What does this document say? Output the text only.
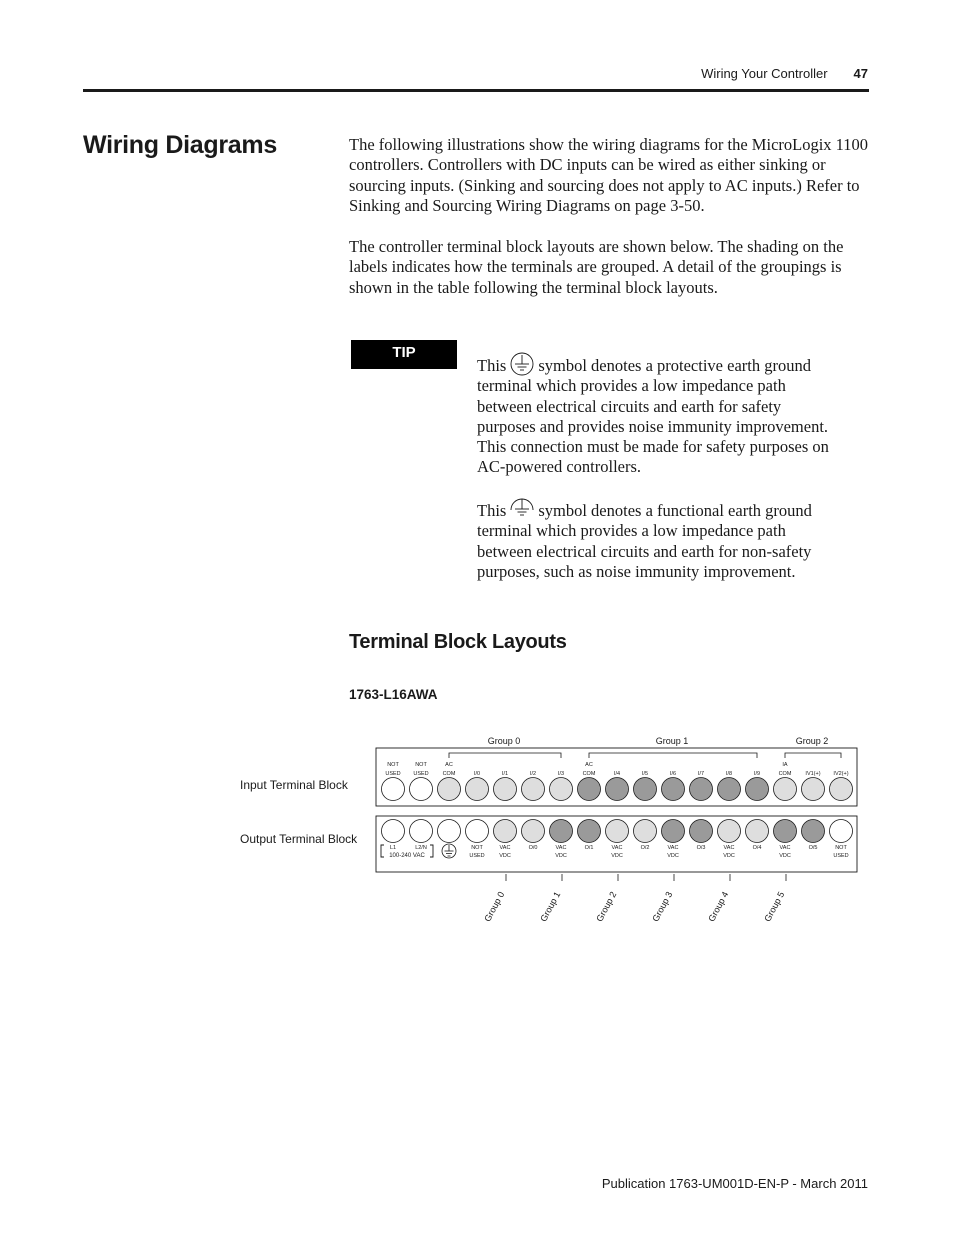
Wiring Your Controller 47
Wiring Diagrams	The following illustrations show the wiring diagrams for the MicroLogix 1100 controllers. Controllers with DC inputs can be wired as either sinking or sourcing inputs. (Sinking and sourcing does not apply to AC inputs.) Refer to Sinking and Sourcing Wiring Diagrams on page 3-50.

The controller terminal block layouts are shown below. The shading on the labels indicates how the terminals are grouped. A detail of the groupings is shown in the table following the terminal block layouts.

TIP

This symbol denotes a protective earth ground terminal which provides a low impedance path between electrical circuits and earth for safety purposes and provides noise immunity improvement. This connection must be made for safety purposes on AC-powered controllers.

This symbol denotes a functional earth ground terminal which provides a low impedance path between electrical circuits and earth for non-safety purposes, such as noise immunity improvement.

Terminal Block Layouts
1763-L16AWA
Input Terminal Block
Output Terminal Block
Group 0	Group 1	Group 2
NOT
USED
NOT
USED
AC
COM	I/0	I/1	I/2	I/3
AC
COM	I/4	I/5	I/6	I/7	I/8	I/9
IA
COM	IV1(+) IV2(+)
L1	L2/N	NOT
USED
VAC
VDC
O/0	VAC
VDC
O/1	VAC
VDC
O/2	VAC
VDC
O/3	VAC
VDC
O/4	VAC
VDC
O/5	NOT
USED
100-240 VAC
Group 0	Group 1	Group 2	Group 3	Group 4	Group 5
Publication 1763-UM001D-EN-P - March 2011
